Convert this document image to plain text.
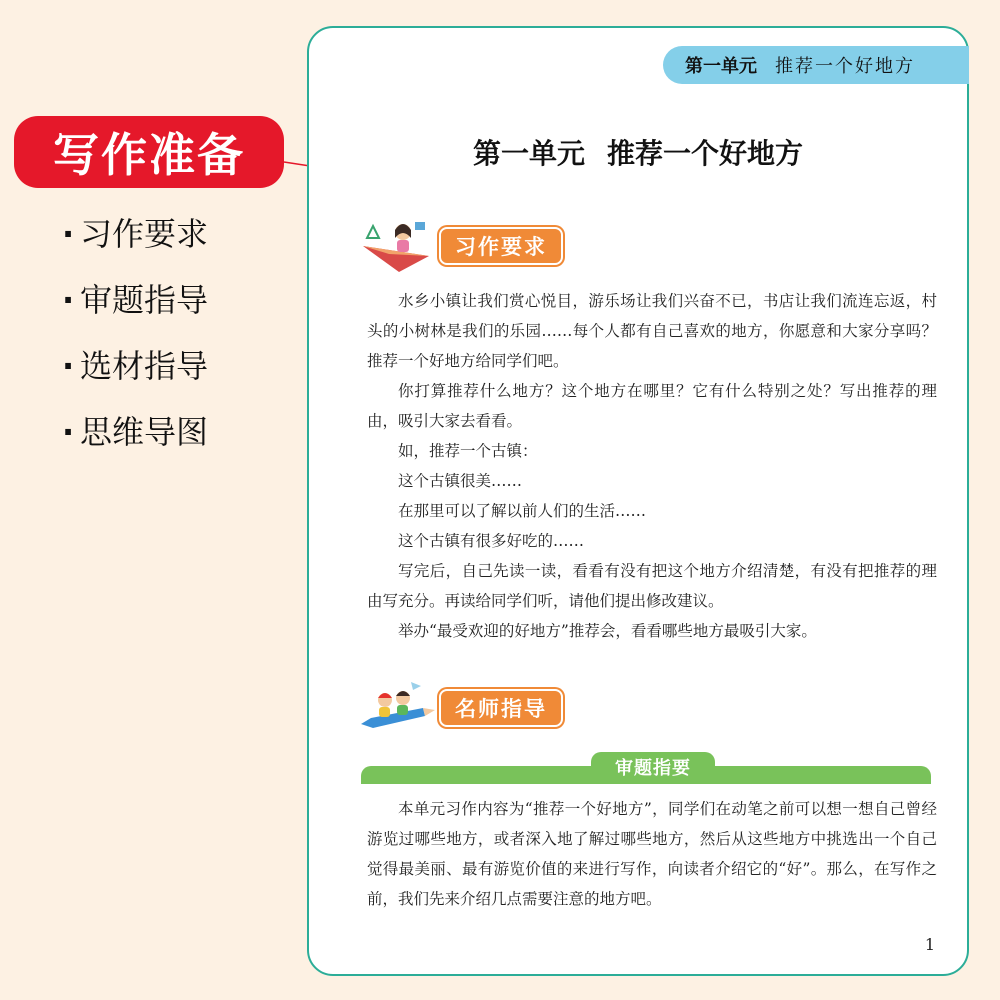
写作准备
· 习作要求
· 审题指导
· 选材指导
· 思维导图
第一单元 推荐一个好地方
第一单元 推荐一个好地方
习作要求

水乡小镇让我们赏心悦目，游乐场让我们兴奋不已，书店让我们流连忘返，村头的小树林是我们的乐园……每个人都有自己喜欢的地方，你愿意和大家分享吗？推荐一个好地方给同学们吧。

你打算推荐什么地方？这个地方在哪里？它有什么特别之处？写出推荐的理由，吸引大家去看看。

如，推荐一个古镇：

这个古镇很美……

在那里可以了解以前人们的生活……

这个古镇有很多好吃的……

写完后，自己先读一读，看看有没有把这个地方介绍清楚，有没有把推荐的理由写充分。再读给同学们听，请他们提出修改建议。

举办“最受欢迎的好地方”推荐会，看看哪些地方最吸引大家。

名师指导
审题指要

本单元习作内容为“推荐一个好地方”，同学们在动笔之前可以想一想自己曾经游览过哪些地方，或者深入地了解过哪些地方，然后从这些地方中挑选出一个自己觉得最美丽、最有游览价值的来进行写作，向读者介绍它的“好”。那么，在写作之前，我们先来介绍几点需要注意的地方吧。

1
